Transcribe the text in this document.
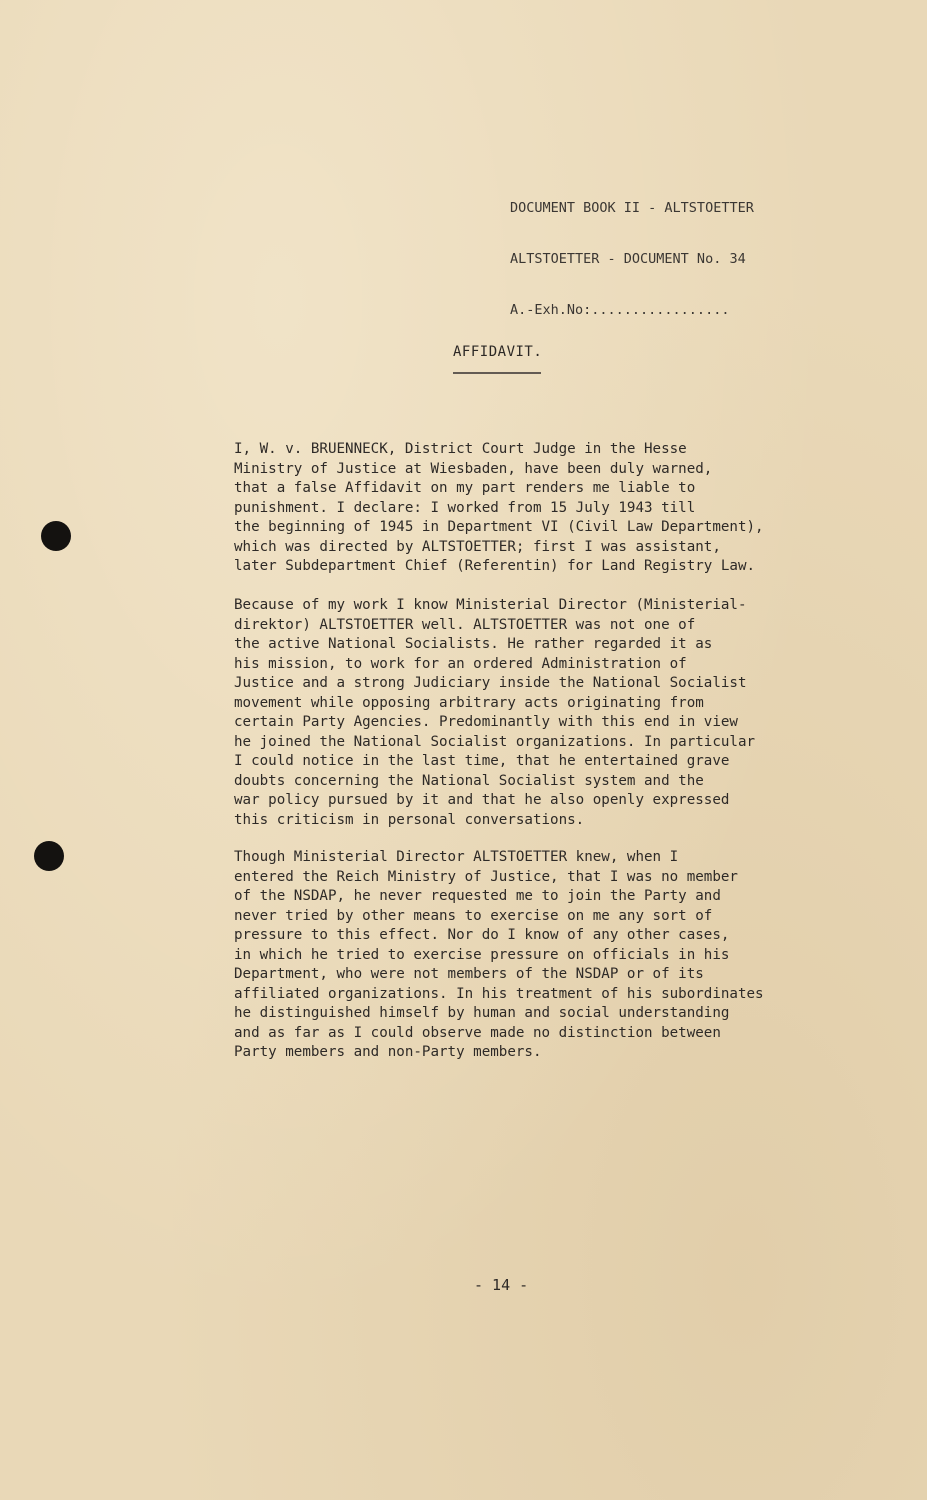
DOCUMENT BOOK II - ALTSTOETTER

ALTSTOETTER - DOCUMENT No. 34

A.-Exh.No:.................

AFFIDAVIT.
I, W. v. BRUENNECK, District Court Judge in the Hesse
Ministry of Justice at Wiesbaden, have been duly warned,
that a false Affidavit on my part renders me liable to
punishment. I declare: I worked from 15 July 1943 till
the beginning of 1945 in Department VI (Civil Law Department),
which was directed by ALTSTOETTER; first I was assistant,
later Subdepartment Chief (Referentin) for Land Registry Law.
Because of my work I know Ministerial Director (Ministerial-
direktor) ALTSTOETTER well. ALTSTOETTER was not one of
the active National Socialists. He rather regarded it as
his mission, to work for an ordered Administration of
Justice and a strong Judiciary inside the National Socialist
movement while opposing arbitrary acts originating from
certain Party Agencies. Predominantly with this end in view
he joined the National Socialist organizations. In particular
I could notice in the last time, that he entertained grave
doubts concerning the National Socialist system and the
war policy pursued by it and that he also openly expressed
this criticism in personal conversations.
Though Ministerial Director ALTSTOETTER knew, when I
entered the Reich Ministry of Justice, that I was no member
of the NSDAP, he never requested me to join the Party and
never tried by other means to exercise on me any sort of
pressure to this effect. Nor do I know of any other cases,
in which he tried to exercise pressure on officials in his
Department, who were not members of the NSDAP or of its
affiliated organizations. In his treatment of his subordinates
he distinguished himself by human and social understanding
and as far as I could observe made no distinction between
Party members and non-Party members.
- 14 -
